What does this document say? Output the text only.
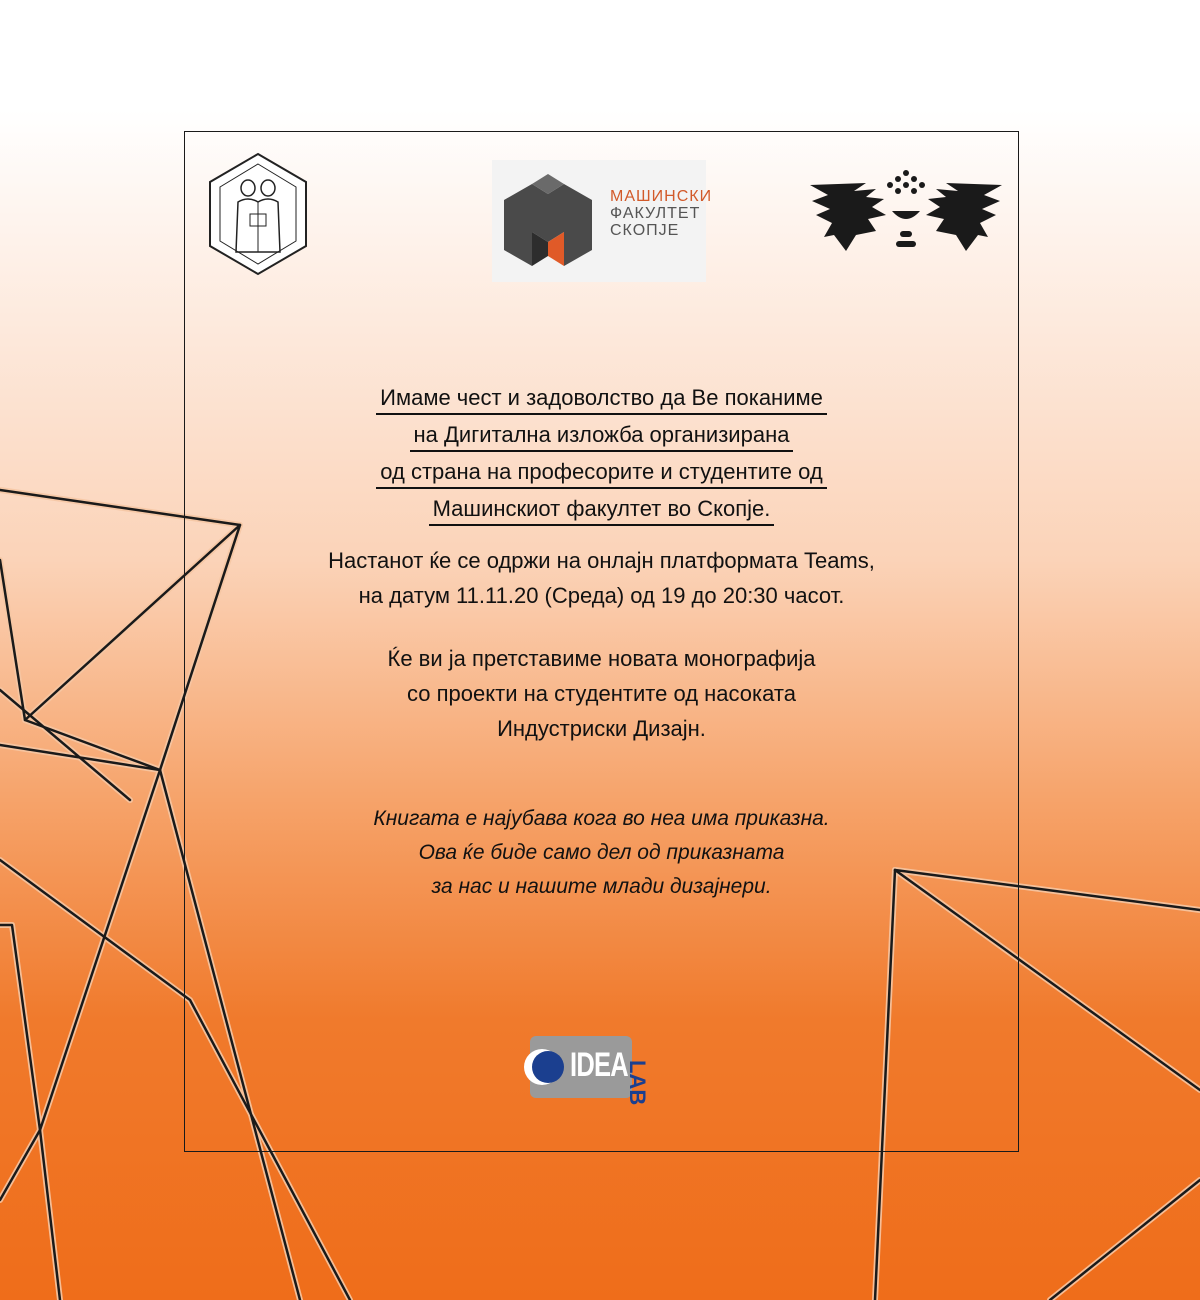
МАШИНСКИ
ФАКУЛТЕТ
СКОПЈЕ
Имаме чест и задоволство да Ве поканиме
на Дигитална изложба организирана
од страна на професорите и студентите од
Машинскиот факултет во Скопје.
Настанот ќе се одржи на онлајн платформата Teams,
на датум 11.11.20 (Среда) од 19 до 20:30 часот.
Ќе ви ја претставиме новата монографија
со проекти на студентите од насоката
Индустриски Дизајн.
Книгата е најубава кога во неа има приказна.
Ова ќе биде само дел од приказната
за нас и нашите млади дизајнери.
IDEA
LAB
